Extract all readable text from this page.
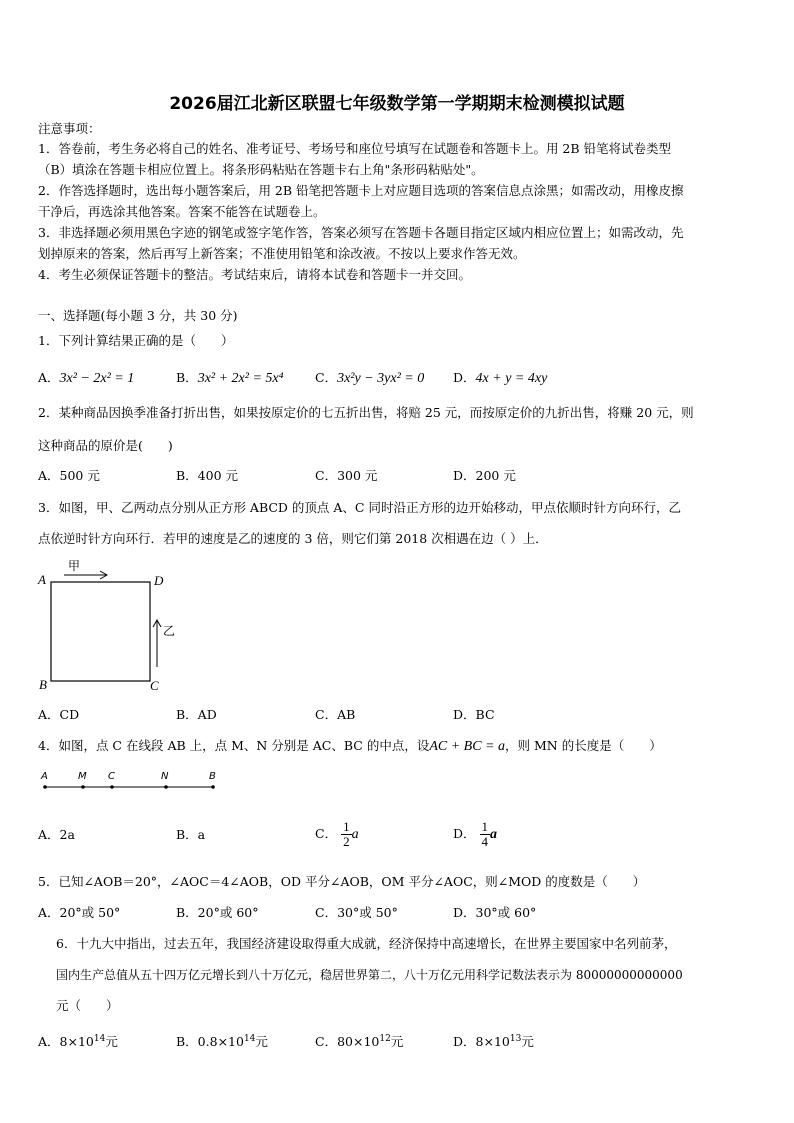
2026届江北新区联盟七年级数学第一学期期末检测模拟试题
注意事项：
1．答卷前，考生务必将自己的姓名、准考证号、考场号和座位号填写在试题卷和答题卡上。用 2B 铅笔将试卷类型
（B）填涂在答题卡相应位置上。将条形码粘贴在答题卡右上角"条形码粘贴处"。
2．作答选择题时，选出每小题答案后，用 2B 铅笔把答题卡上对应题目选项的答案信息点涂黑；如需改动，用橡皮擦
干净后，再选涂其他答案。答案不能答在试题卷上。
3．非选择题必须用黑色字迹的钢笔或签字笔作答，答案必须写在答题卡各题目指定区域内相应位置上；如需改动，先
划掉原来的答案，然后再写上新答案；不准使用铅笔和涂改液。不按以上要求作答无效。
4．考生必须保证答题卡的整洁。考试结束后，请将本试卷和答题卡一并交回。
一、选择题(每小题 3 分，共 30 分)
1．下列计算结果正确的是（　　）
A．3x² − 2x² = 1	B．3x² + 2x² = 5x⁴	C．3x²y − 3yx² = 0 D．4x + y = 4xy
2．某种商品因换季准备打折出售，如果按原定价的七五折出售，将赔 25 元，而按原定价的九折出售，将赚 20 元，则
这种商品的原价是(　　)
A．500 元	B．400 元	C．300 元	D．200 元
3．如图，甲、乙两动点分别从正方形 ABCD 的顶点 A、C 同时沿正方形的边开始移动，甲点依顺时针方向环行，乙
点依逆时针方向环行．若甲的速度是乙的速度的 3 倍，则它们第 2018 次相遇在边（ ）上．
A	D
B	C
甲
乙
A．CD	B．AD	C．AB	D．BC
4．如图，点 C 在线段 AB 上，点 M、N 分别是 AC、BC 的中点，设AC + BC = a，则 MN 的长度是（　　）
A	M C	N	B
A．2a	B．a	C． $\frac{1}{2}$ a	D． $\frac{1}{4}$ a
5．已知∠AOB＝20°，∠AOC＝4∠AOB，OD 平分∠AOB，OM 平分∠AOC，则∠MOD 的度数是（　　）
A．20°或 50°	B．20°或 60°	C．30°或 50°	D．30°或 60°
6．十九大中指出，过去五年，我国经济建设取得重大成就，经济保持中高速增长，在世界主要国家中名列前茅，
国内生产总值从五十四万亿元增长到八十万亿元，稳居世界第二，八十万亿元用科学记数法表示为 80000000000000
元（　　）
A．$8\times 10^{14}$元	B．$0.8\times 10^{14}$元	C．$80\times 10^{12}$元	D．$8\times 10^{13}$元
